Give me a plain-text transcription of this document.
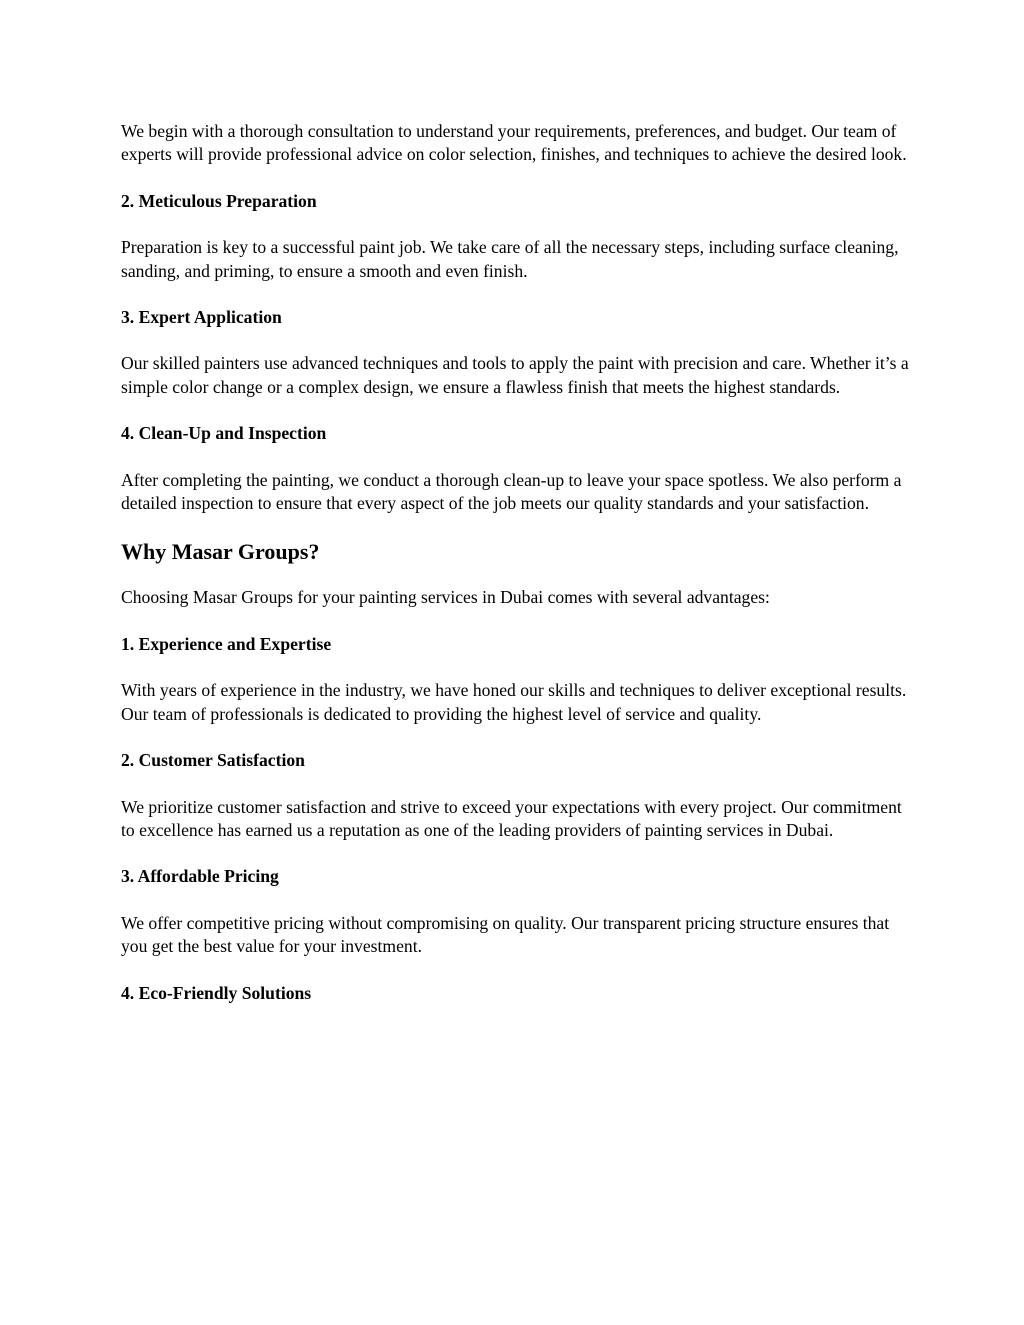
We begin with a thorough consultation to understand your requirements, preferences, and budget. Our team of experts will provide professional advice on color selection, finishes, and techniques to achieve the desired look.

2. Meticulous Preparation

Preparation is key to a successful paint job. We take care of all the necessary steps, including surface cleaning, sanding, and priming, to ensure a smooth and even finish.

3. Expert Application

Our skilled painters use advanced techniques and tools to apply the paint with precision and care. Whether it’s a simple color change or a complex design, we ensure a flawless finish that meets the highest standards.

4. Clean-Up and Inspection

After completing the painting, we conduct a thorough clean-up to leave your space spotless. We also perform a detailed inspection to ensure that every aspect of the job meets our quality standards and your satisfaction.

Why Masar Groups?

Choosing Masar Groups for your painting services in Dubai comes with several advantages:

1. Experience and Expertise

With years of experience in the industry, we have honed our skills and techniques to deliver exceptional results. Our team of professionals is dedicated to providing the highest level of service and quality.

2. Customer Satisfaction

We prioritize customer satisfaction and strive to exceed your expectations with every project. Our commitment to excellence has earned us a reputation as one of the leading providers of painting services in Dubai.

3. Affordable Pricing

We offer competitive pricing without compromising on quality. Our transparent pricing structure ensures that you get the best value for your investment.

4. Eco-Friendly Solutions
